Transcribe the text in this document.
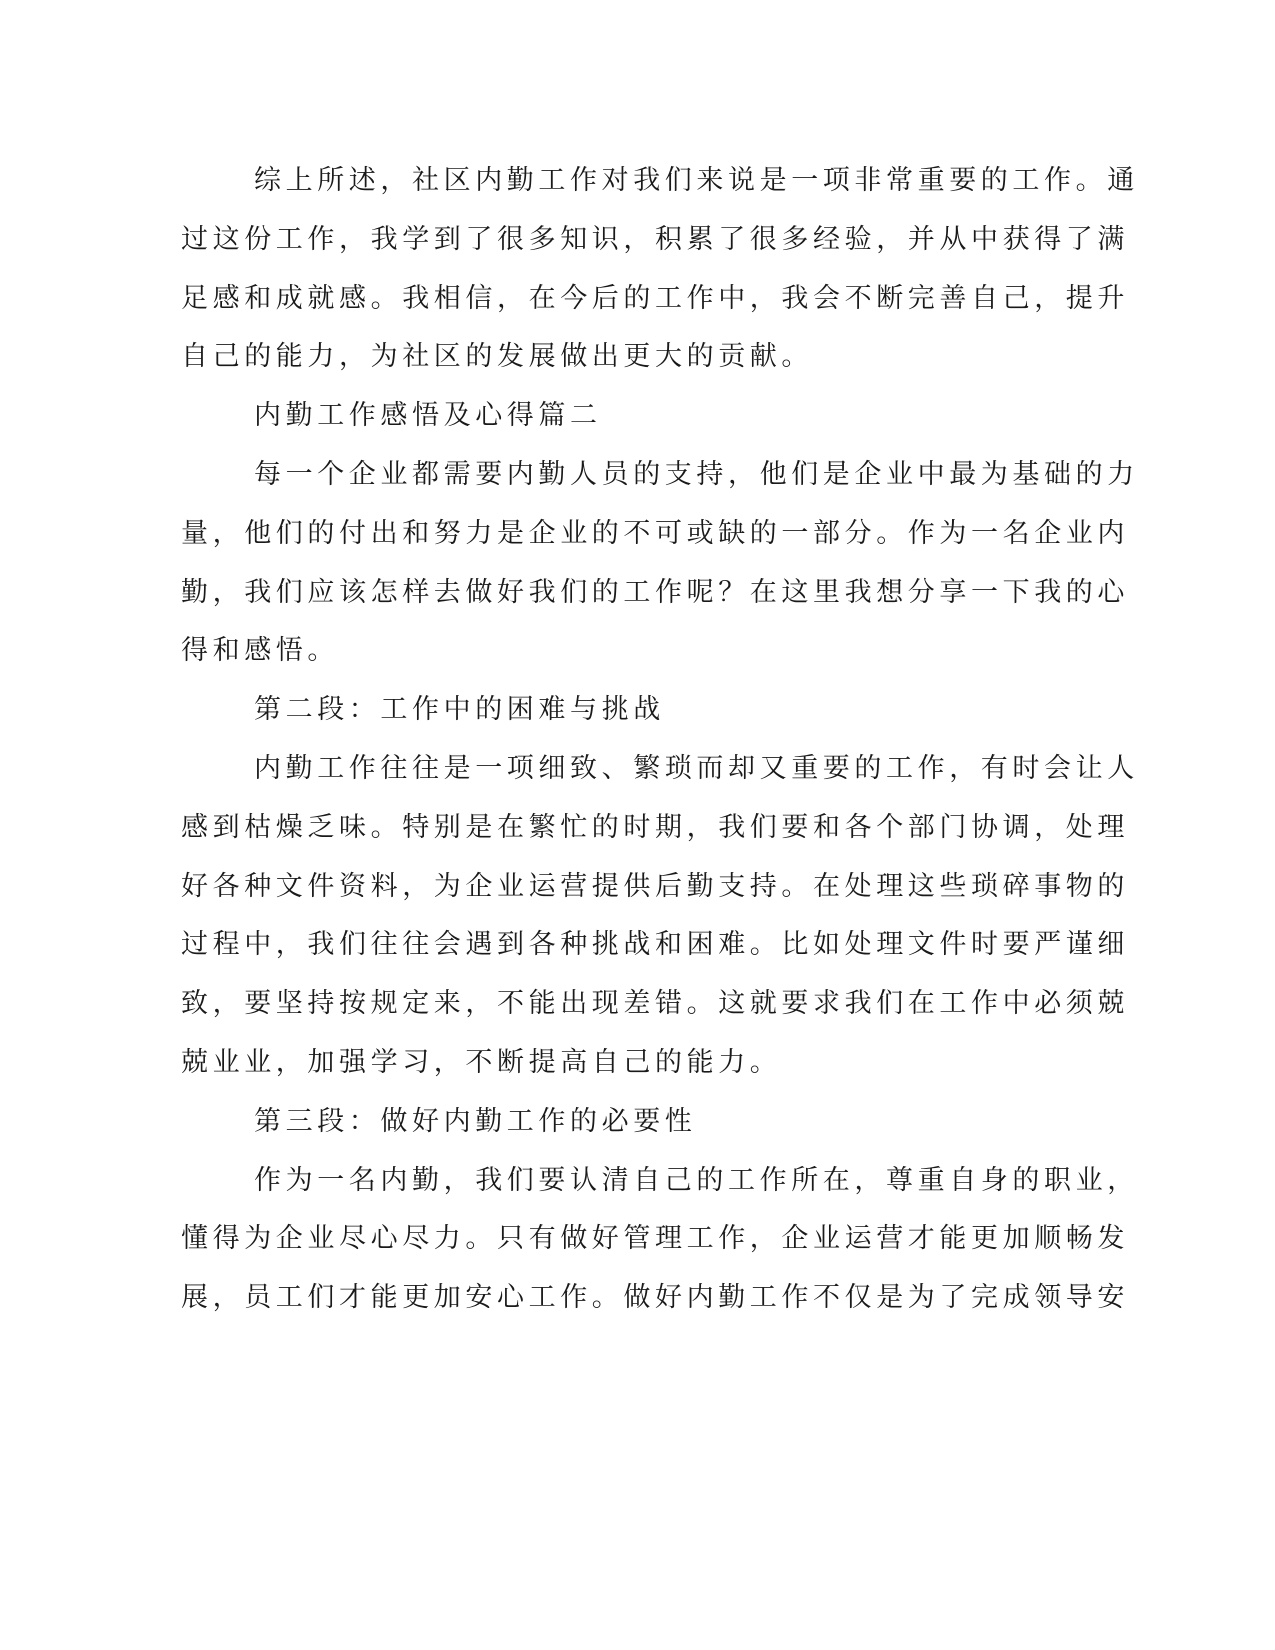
综上所述，社区内勤工作对我们来说是一项非常重要的工作。通
过这份工作，我学到了很多知识，积累了很多经验，并从中获得了满
足感和成就感。我相信，在今后的工作中，我会不断完善自己，提升
自己的能力，为社区的发展做出更大的贡献。
内勤工作感悟及心得篇二
每一个企业都需要内勤人员的支持，他们是企业中最为基础的力
量，他们的付出和努力是企业的不可或缺的一部分。作为一名企业内
勤，我们应该怎样去做好我们的工作呢？在这里我想分享一下我的心
得和感悟。
第二段：工作中的困难与挑战
内勤工作往往是一项细致、繁琐而却又重要的工作，有时会让人
感到枯燥乏味。特别是在繁忙的时期，我们要和各个部门协调，处理
好各种文件资料，为企业运营提供后勤支持。在处理这些琐碎事物的
过程中，我们往往会遇到各种挑战和困难。比如处理文件时要严谨细
致，要坚持按规定来，不能出现差错。这就要求我们在工作中必须兢
兢业业，加强学习，不断提高自己的能力。
第三段：做好内勤工作的必要性
作为一名内勤，我们要认清自己的工作所在，尊重自身的职业，
懂得为企业尽心尽力。只有做好管理工作，企业运营才能更加顺畅发
展，员工们才能更加安心工作。做好内勤工作不仅是为了完成领导安
